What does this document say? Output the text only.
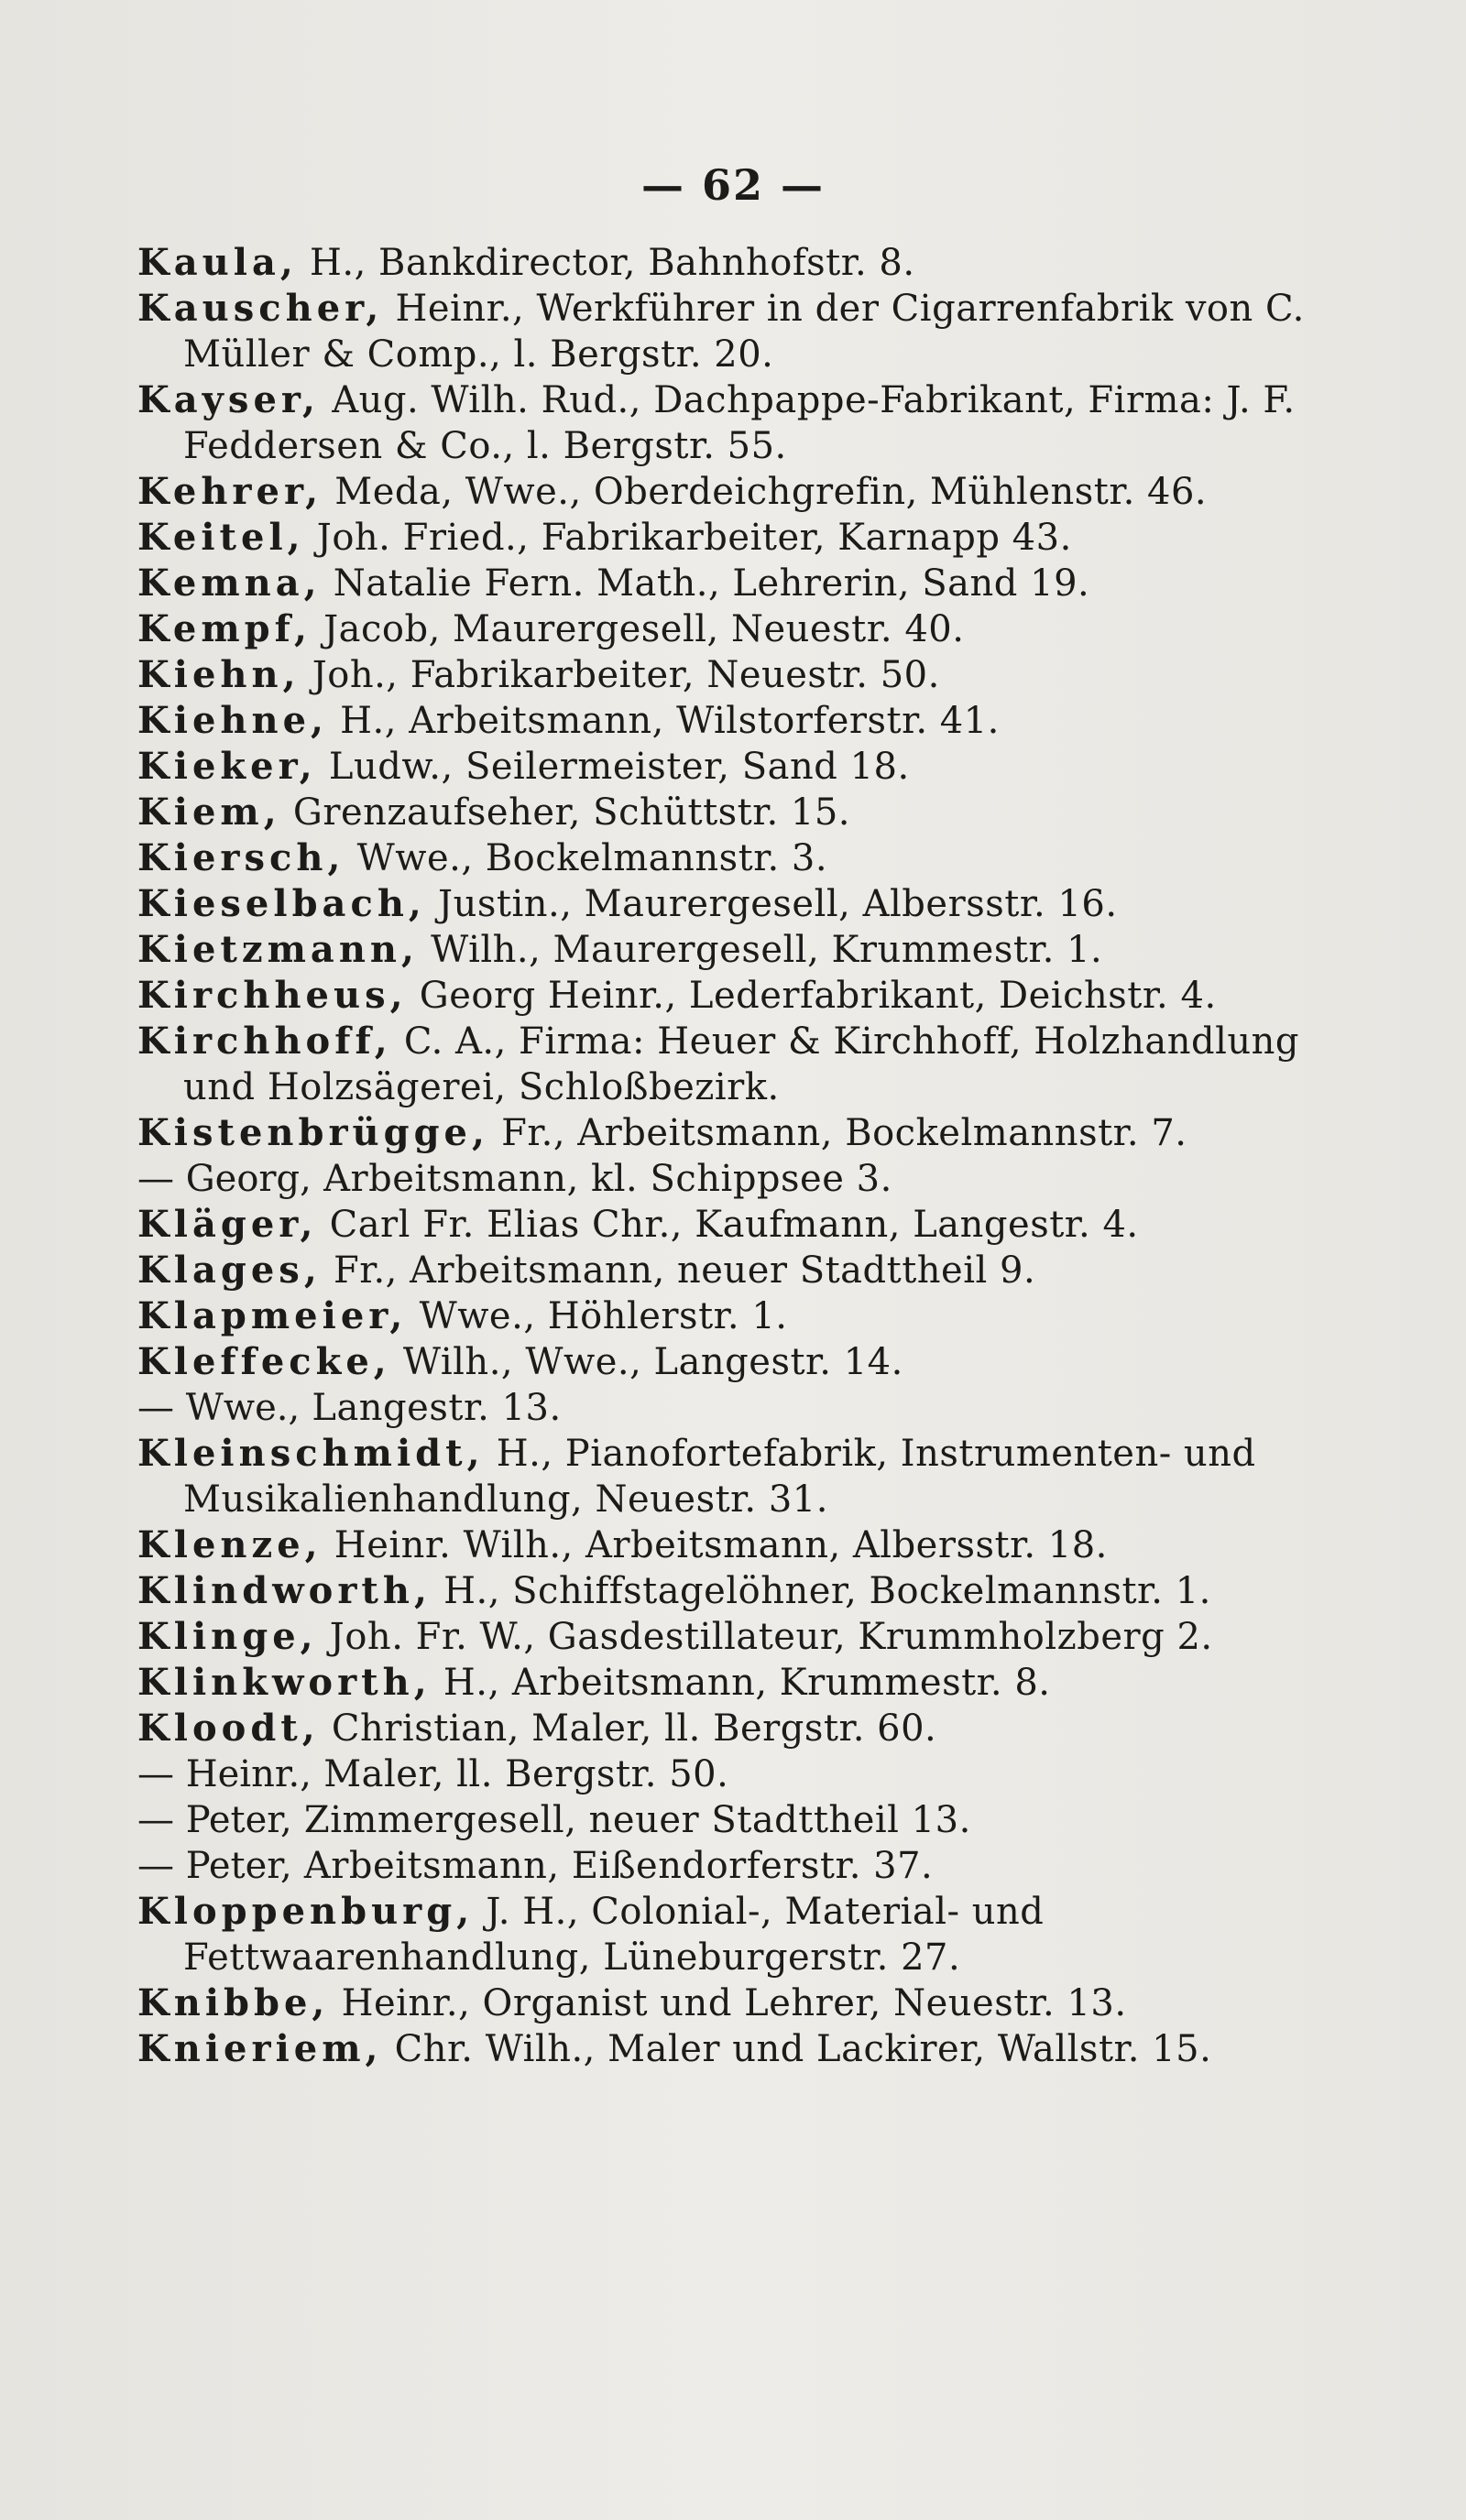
— 62 —

Kaula, H., Bankdirector, Bahnhofstr. 8.

Kauscher, Heinr., Werkführer in der Cigarrenfabrik von C. Müller & Comp., l. Bergstr. 20.

Kayser, Aug. Wilh. Rud., Dachpappe-Fabrikant, Firma: J. F. Feddersen & Co., l. Bergstr. 55.

Kehrer, Meda, Wwe., Oberdeichgrefin, Mühlenstr. 46.

Keitel, Joh. Fried., Fabrikarbeiter, Karnapp 43.

Kemna, Natalie Fern. Math., Lehrerin, Sand 19.

Kempf, Jacob, Maurergesell, Neuestr. 40.

Kiehn, Joh., Fabrikarbeiter, Neuestr. 50.

Kiehne, H., Arbeitsmann, Wilstorferstr. 41.

Kieker, Ludw., Seilermeister, Sand 18.

Kiem, Grenzaufseher, Schüttstr. 15.

Kiersch, Wwe., Bockelmannstr. 3.

Kieselbach, Justin., Maurergesell, Albersstr. 16.

Kietzmann, Wilh., Maurergesell, Krummestr. 1.

Kirchheus, Georg Heinr., Lederfabrikant, Deichstr. 4.

Kirchhoff, C. A., Firma: Heuer & Kirchhoff, Holzhandlung und Holzsägerei, Schloßbezirk.

Kistenbrügge, Fr., Arbeitsmann, Bockelmannstr. 7.

— Georg, Arbeitsmann, kl. Schippsee 3.

Kläger, Carl Fr. Elias Chr., Kaufmann, Langestr. 4.

Klages, Fr., Arbeitsmann, neuer Stadttheil 9.

Klapmeier, Wwe., Höhlerstr. 1.

Kleffecke, Wilh., Wwe., Langestr. 14.

— Wwe., Langestr. 13.

Kleinschmidt, H., Pianofortefabrik, Instrumenten- und Musikalienhandlung, Neuestr. 31.

Klenze, Heinr. Wilh., Arbeitsmann, Albersstr. 18.

Klindworth, H., Schiffstagelöhner, Bockelmannstr. 1.

Klinge, Joh. Fr. W., Gasdestillateur, Krummholzberg 2.

Klinkworth, H., Arbeitsmann, Krummestr. 8.

Kloodt, Christian, Maler, ll. Bergstr. 60.

— Heinr., Maler, ll. Bergstr. 50.

— Peter, Zimmergesell, neuer Stadttheil 13.

— Peter, Arbeitsmann, Eißendorferstr. 37.

Kloppenburg, J. H., Colonial-, Material- und Fettwaarenhandlung, Lüneburgerstr. 27.

Knibbe, Heinr., Organist und Lehrer, Neuestr. 13.

Knieriem, Chr. Wilh., Maler und Lackirer, Wallstr. 15.
